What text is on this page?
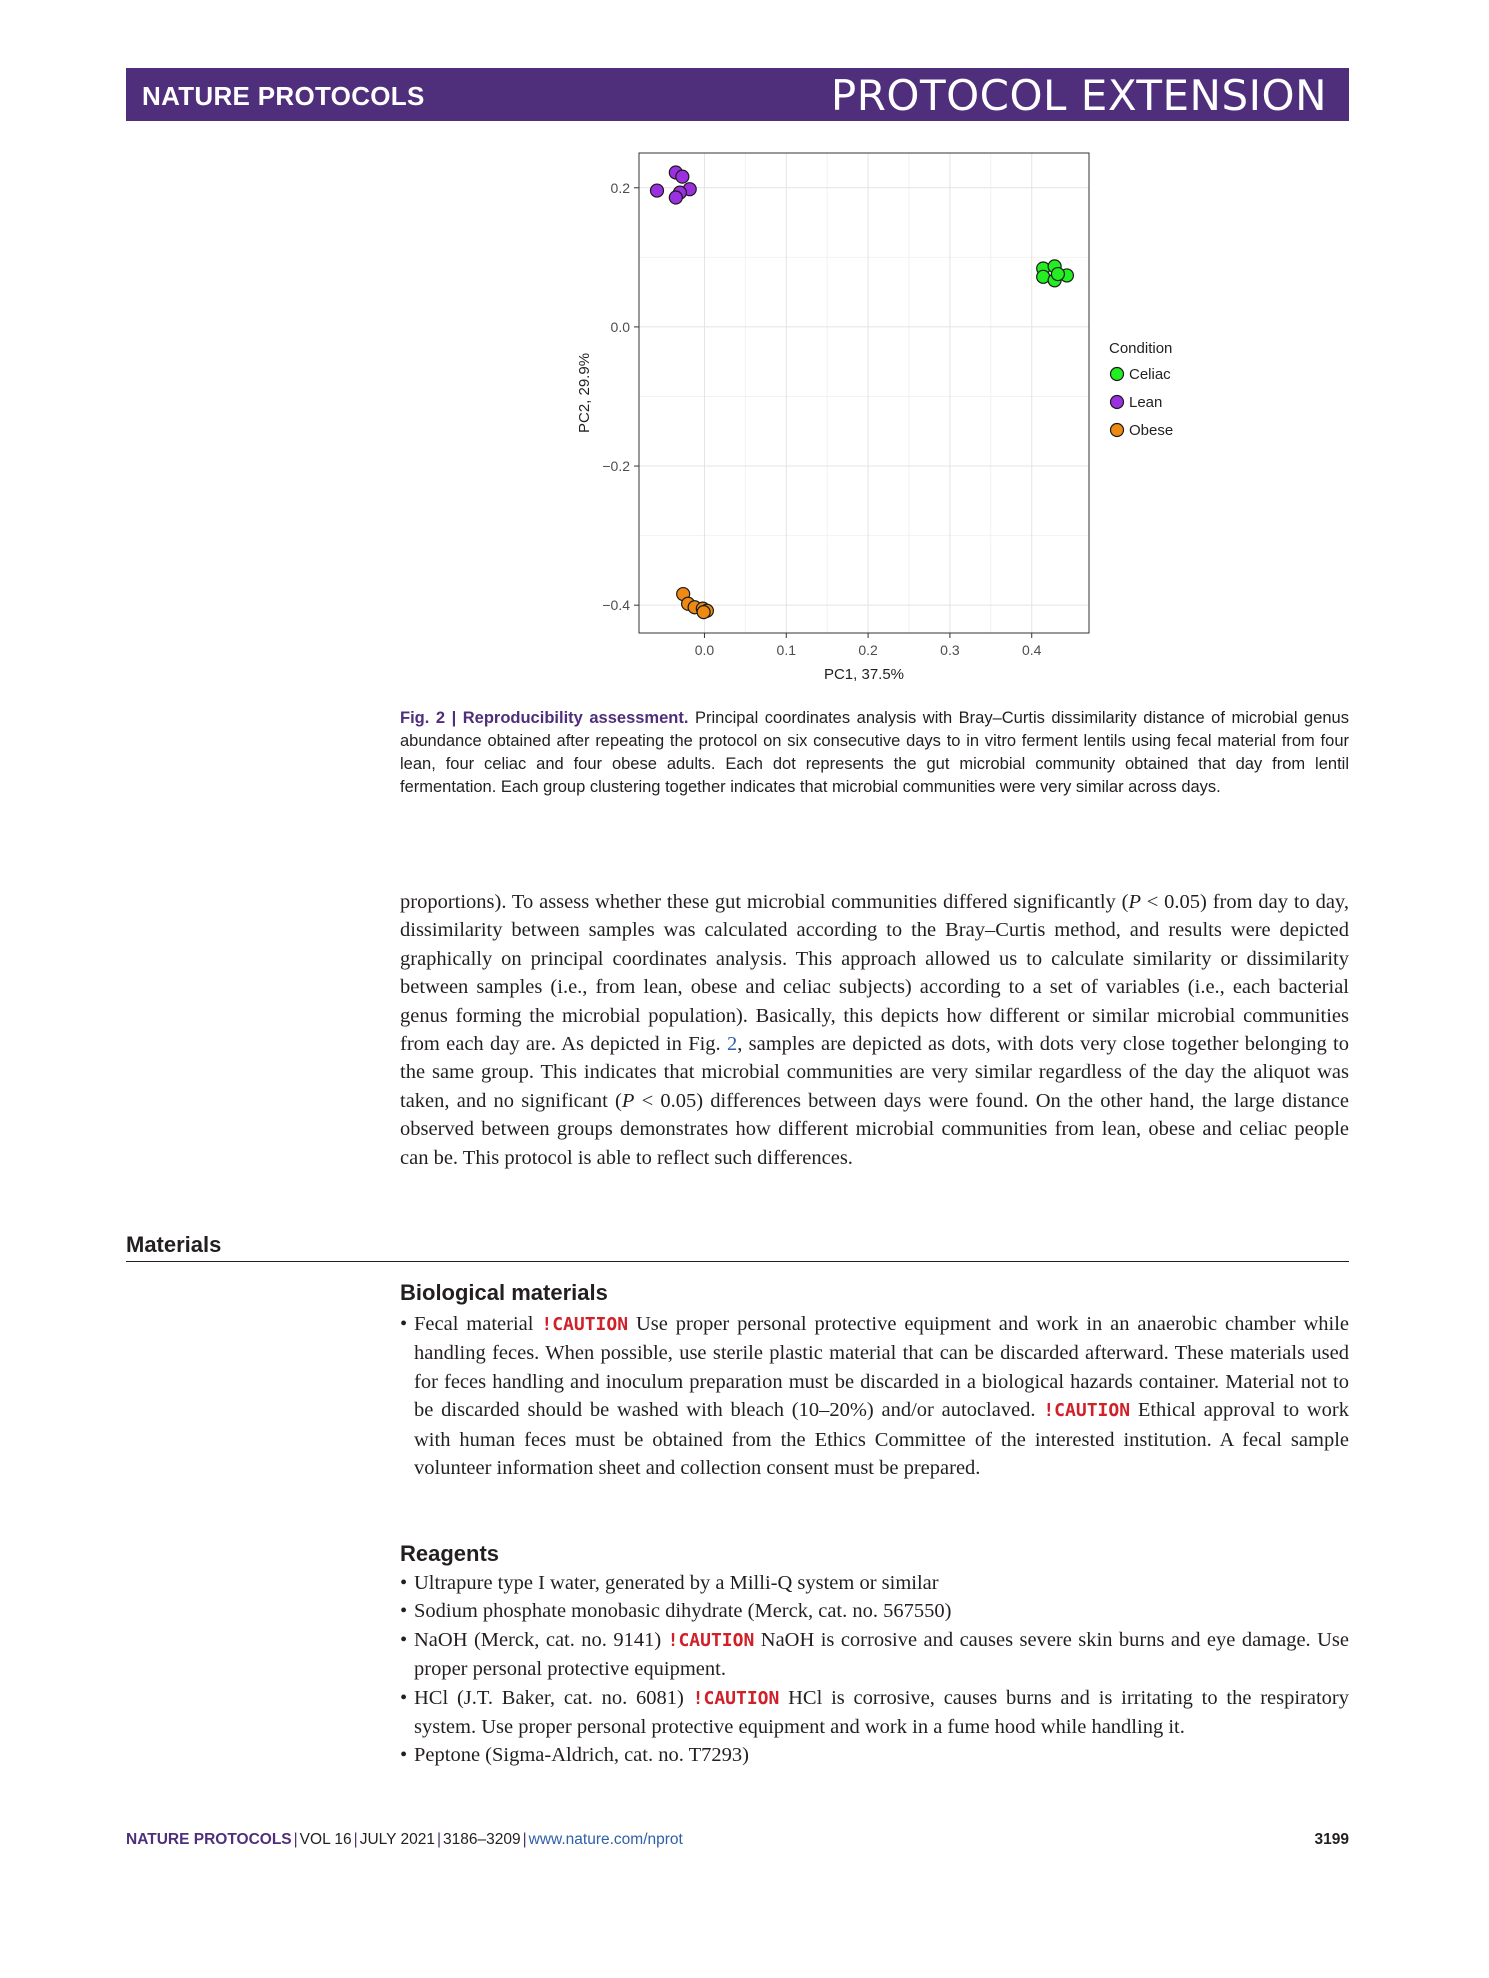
NATURE PROTOCOLS	PROTOCOL EXTENSION
0.0	0.1	0.2	0.3	0.4
−0.4
−0.2
0.0
0.2
PC1, 37.5%
PC2, 29.9%
Condition
Celiac
Lean
Obese
Fig. 2 | Reproducibility assessment. Principal coordinates analysis with Bray–Curtis dissimilarity distance of microbial genus abundance obtained after repeating the protocol on six consecutive days to in vitro ferment lentils using fecal material from four lean, four celiac and four obese adults. Each dot represents the gut microbial community obtained that day from lentil fermentation. Each group clustering together indicates that microbial communities were very similar across days.

proportions). To assess whether these gut microbial communities differed significantly (P < 0.05) from day to day, dissimilarity between samples was calculated according to the Bray–Curtis method, and results were depicted graphically on principal coordinates analysis. This approach allowed us to calculate similarity or dissimilarity between samples (i.e., from lean, obese and celiac subjects) according to a set of variables (i.e., each bacterial genus forming the microbial population). Basically, this depicts how different or similar microbial communities from each day are. As depicted in Fig. 2, samples are depicted as dots, with dots very close together belonging to the same group. This indicates that microbial communities are very similar regardless of the day the aliquot was taken, and no significant (P < 0.05) differences between days were found. On the other hand, the large distance observed between groups demonstrates how different microbial communities from lean, obese and celiac people can be. This protocol is able to reflect such differences.

Materials
Biological materials
• Fecal material !CAUTION Use proper personal protective equipment and work in an anaerobic chamber while handling feces. When possible, use sterile plastic material that can be discarded afterward. These materials used for feces handling and inoculum preparation must be discarded in a biological hazards container. Material not to be discarded should be washed with bleach (10–20%) and/or autoclaved. !CAUTION Ethical approval to work with human feces must be obtained from the Ethics Committee of the interested institution. A fecal sample volunteer information sheet and collection consent must be prepared.
Reagents
• Ultrapure type I water, generated by a Milli-Q system or similar
• Sodium phosphate monobasic dihydrate (Merck, cat. no. 567550)
• NaOH (Merck, cat. no. 9141) !CAUTION NaOH is corrosive and causes severe skin burns and eye damage. Use proper personal protective equipment.
• HCl (J.T. Baker, cat. no. 6081) !CAUTION HCl is corrosive, causes burns and is irritating to the respiratory system. Use proper personal protective equipment and work in a fume hood while handling it.
• Peptone (Sigma-Aldrich, cat. no. T7293)
NATURE PROTOCOLS | VOL 16 | JULY 2021 | 3186–3209 | www.nature.com/nprot	3199
